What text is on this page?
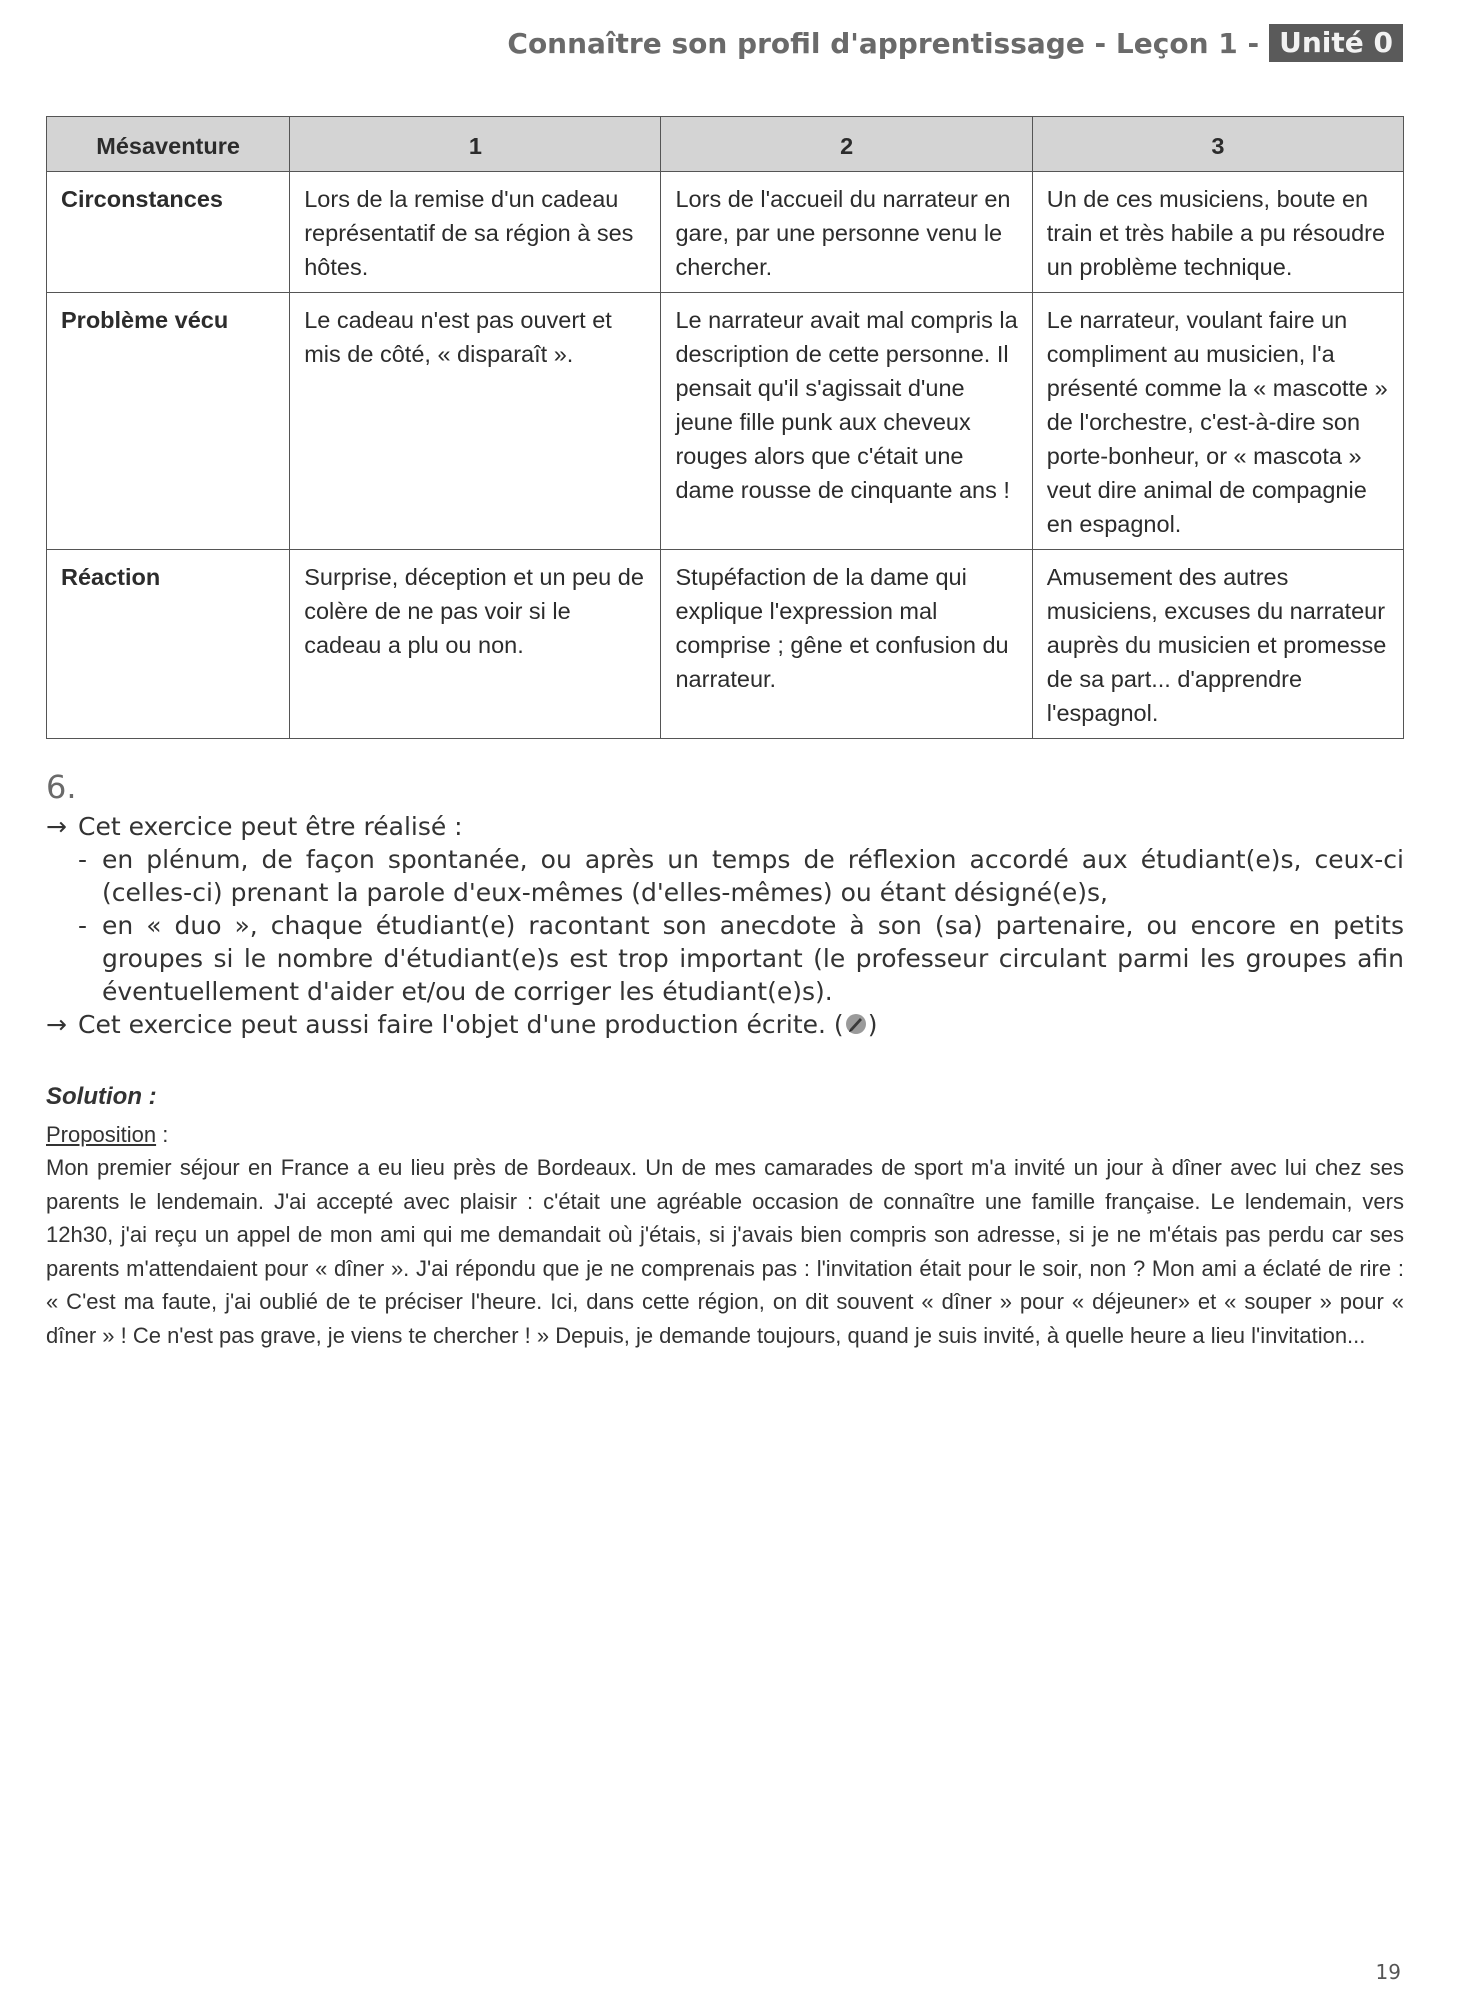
Connaître son profil d'apprentissage - Leçon 1 - Unité 0
Mésaventure	1	2	3
Circonstances	Lors de la remise d'un cadeau représentatif de sa région à ses hôtes.	Lors de l'accueil du narrateur en gare, par une personne venu le chercher.	Un de ces musiciens, boute en train et très habile a pu résoudre un problème technique.
Problème vécu	Le cadeau n'est pas ouvert et mis de côté, « disparaît ».	Le narrateur avait mal compris la description de cette personne. Il pensait qu'il s'agissait d'une jeune fille punk aux cheveux rouges alors que c'était une dame rousse de cinquante ans !	Le narrateur, voulant faire un compliment au musicien, l'a présenté comme la « mascotte » de l'orchestre, c'est-à-dire son porte-bonheur, or « mascota » veut dire animal de compagnie en espagnol.
Réaction	Surprise, déception et un peu de colère de ne pas voir si le cadeau a plu ou non.	Stupéfaction de la dame qui explique l'expression mal comprise ; gêne et confusion du narrateur.	Amusement des autres musiciens, excuses du narrateur auprès du musicien et promesse de sa part... d'apprendre l'espagnol.
6.
→ Cet exercice peut être réalisé :
- en plénum, de façon spontanée, ou après un temps de réflexion accordé aux étudiant(e)s, ceux-ci (celles-ci) prenant la parole d'eux-mêmes (d'elles-mêmes) ou étant désigné(e)s,
- en « duo », chaque étudiant(e) racontant son anecdote à son (sa) partenaire, ou encore en petits groupes si le nombre d'étudiant(e)s est trop important (le professeur circulant parmi les groupes afin éventuellement d'aider et/ou de corriger les étudiant(e)s).
→ Cet exercice peut aussi faire l'objet d'une production écrite. ( )
Solution :
Proposition :
Mon premier séjour en France a eu lieu près de Bordeaux. Un de mes camarades de sport m'a invité un jour à dîner avec lui chez ses parents le lendemain. J'ai accepté avec plaisir : c'était une agréable occasion de connaître une famille française. Le lendemain, vers 12h30, j'ai reçu un appel de mon ami qui me demandait où j'étais, si j'avais bien compris son adresse, si je ne m'étais pas perdu car ses parents m'attendaient pour « dîner ». J'ai répondu que je ne comprenais pas : l'invitation était pour le soir, non ? Mon ami a éclaté de rire : « C'est ma faute, j'ai oublié de te préciser l'heure. Ici, dans cette région, on dit souvent « dîner » pour « déjeuner» et « souper » pour « dîner » ! Ce n'est pas grave, je viens te chercher ! » Depuis, je demande toujours, quand je suis invité, à quelle heure a lieu l'invitation...
19
